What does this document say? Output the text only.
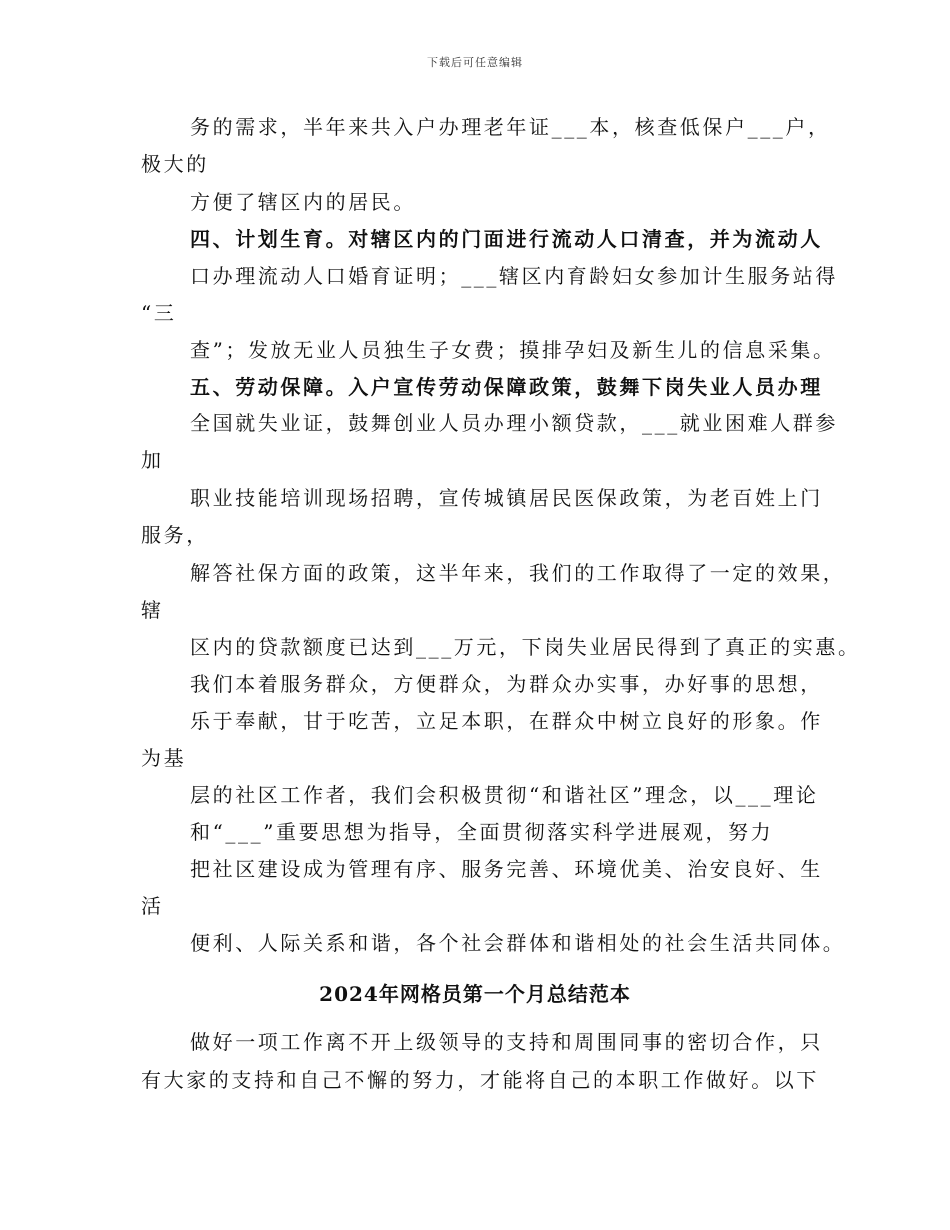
下载后可任意编辑
务的需求，半年来共入户办理老年证___本，核查低保户___户，
极大的
方便了辖区内的居民。
四、计划生育。对辖区内的门面进行流动人口清查，并为流动人
口办理流动人口婚育证明；___辖区内育龄妇女参加计生服务站得
“三
查”；发放无业人员独生子女费；摸排孕妇及新生儿的信息采集。
五、劳动保障。入户宣传劳动保障政策，鼓舞下岗失业人员办理
全国就失业证，鼓舞创业人员办理小额贷款，___就业困难人群参
加
职业技能培训现场招聘，宣传城镇居民医保政策，为老百姓上门
服务，
解答社保方面的政策，这半年来，我们的工作取得了一定的效果，
辖
区内的贷款额度已达到___万元，下岗失业居民得到了真正的实惠。
我们本着服务群众，方便群众，为群众办实事，办好事的思想，
乐于奉献，甘于吃苦，立足本职，在群众中树立良好的形象。作
为基
层的社区工作者，我们会积极贯彻“和谐社区”理念，以___理论
和“___”重要思想为指导，全面贯彻落实科学进展观，努力
把社区建设成为管理有序、服务完善、环境优美、治安良好、生
活
便利、人际关系和谐，各个社会群体和谐相处的社会生活共同体。
2024年网格员第一个月总结范本
做好一项工作离不开上级领导的支持和周围同事的密切合作，只
有大家的支持和自己不懈的努力，才能将自己的本职工作做好。以下
